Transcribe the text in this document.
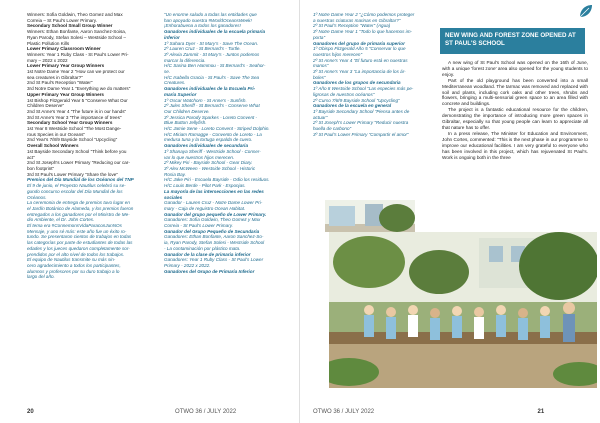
Winners: Sofia Goldwin, Theo Gomez and Max

Correia – St Paul's Lower Primary.

Secondary School Small Group Winner

Winners: Ethan Bonfante, Aaron Sanchez-Soisa,

Ryan Parody, Stefan Solesi – Westside School –

Plastic Pollution Kills

Lower Primary Classroom Winner

Winners: Year 1 Ruby Class - St Paul's Lower Pri-

mary – 2022 x 2022

Lower Primary Year Group Winners

1st Notre Dame Year 2 "How can we protect our

sea creatures in Gibraltar?"

2nd St Paul's Reception "Water"

3rd Notre Dame Year 1 "Everything we do matters"

Upper Primary Year Group Winners

1st Bishop Fitzgerald Year 5 "Conserve What Our

Children Deserve"

2nd St Anne's Year 4 "The future is in our hands"

3rd St Anne's Year 3 "The importance of trees"

Secondary School Year Group Winners

1st Year 8 Westside School "The Most Dange-

rous Species in our Oceans"

2nd Year's 7/8/9 Bayside School "Upcycling"

Overall School Winners

1st Bayside Secondary School "Think before you

act"

2nd St Joseph's Lower Primary "Reducing our car-

bon footprint"

3rd St Paul's Lower Primary "Share the love"

Premios del Día Mundial de los Océanos del TNP

El 9 de junio, el Proyecto Nautilus celebró su se-

gundo concurso escolar del Día Mundial de los Océanos.

La ceremonia de entrega de premios tuvo lugar en

el Jardín Botánico de Alameda, y los premios fueron

entregados a los ganadores por el Ministro de Me-

dio Ambiente, el Dr. John Cortes.

El tema era #ConnemonsVidaParaconJunNOs

Mensaje, y uno sé más: este año fue un éxito ro-

tundo. Se presentaron cientos de trabajos en todas

las categorías por parte de estudiantes de todas las

edades y los jueces quedaron completamente sor-

prendidos por el alto nivel de todos los trabajos.

El equipo de Nautilus transmite su más sin-

cero agradecimiento a todos los participantes,

alumnos y profesores por su duro trabajo a lo

largo del año.

"Un enorme saludo a todas las entidades que

han apoyado nuestra #WorldOceansWeek!

¡Enhorabuena a todos los ganadores!

Ganadores individuales de la escuela primaria

inferior

1º Sahara Dyer - St Mary's - Save The Ocean.

2º Lauren Cruz - St Bernard's - Turtle.

3º Alexia Zammit - St Mary's - Juntos podemos

marcar la diferencia.

H/C Sarina Ben Hammou - St Bernard's - Seahor-

se.

H/C Isabella Gracia - St Paul's - Save The Sea

Creatures.

Ganadores individuales de la Escuela Pri-

maria Superior

1º Oscar Watchorn - St Anne's - Sunfish.

2º Jules Sheriff - St Bernard's - Conserve What

Our Children Deserve.

3º Jessica Parody Sparkes - Loreto Convent -

Blue Button Jellyfish.

H/C Jamie Sene - Loreto Convent - Striped Dolphin.

H/C Miriam Ramagge - Convento de Loreto - La

medusa tuna y la tortuga espalda de cuero.

Ganadores individuales de secundaria

1º Shanaya Sheriff - Westside School - Conser-

var lo que nuestros hijos merecen.

2º Mikey Piri - Bayside School - Gear Diary.

3º Alex McWeen - Westside School - Historic

Rosia Bay.

H/C Jake Piri - Escuela Bayside - Odio los residuos.

H/C Louis Berde - Pilot Park - Esponjas.

La mayoría de las intersecciones en las redes

sociales

Ganador - Lauren Cruz - Notre Dame Lower Pri-

mary - Caja de reguistro Ocean Habitat.

Ganador del grupo pequeño de Lower Primary.

Ganadores: Sofia Goldwin, Theo Gomez y Max

Correia - St Paul's Lower Primary.

Ganador del Grupo Pequeño de Secundaria

Ganadores: Ethan Bonfante, Aaron Sanchez-So-

ia, Ryan Parody, Stefan Solesi - Westside School

- La contaminación por plástico mata.

Ganador de la clase de primaria inferior

Ganadores: Year 1 Ruby Class - St Paul's Lower

Primary - 2022 x 2022.

Ganadores del Grupo de Primaria Inferior

20	OTWO 36 / JULY 2022

1º Notre Dame Year 2 "¿Cómo podemos proteger

a nuestras criaturas marinas en Gibraltar?"

2º St Paul's Reception "Water" (Agua)

3º Notre Dame Year 1 "Todo lo que hacemos im-

porta"

Ganadores del grupo de primaria superior

1º Obispo Fitzgerald Año 5 "Conservar lo que

nuestros hijos merecen"

2º St Anne's Year 4 "El futuro está en nuestras

manos"

3º St Anne's Year 3 "La importancia de los ár-

boles"

Ganadores de los grupos de secundaria

1º Año 8 Westside School "Las especies más pe-

ligrosas de nuestros océanos"

2º Curso 7/8/9 Bayside School "Upcycling"

Ganadores de la escuela en general

1º Bayside Secondary School "Piensa antes de

actuar"

2º St Joseph's Lower Primary "Reducir nuestra

huella de carbono"

3º St Paul's Lower Primary "Compartir el amor"

NEW WING AND FOREST ZONE OPENED AT ST PAUL'S SCHOOL

A new wing of St Paul's School was opened on the 16th of June, with a unique 'forest zone' area also opened for the young students to enjoy.

Part of the old playground has been converted into a small Mediterranean woodland. The tarmac was removed and replaced with soil and plants, including cork oaks and other trees, shrubs and flowers, bringing a multi-sensorial green space to an area filled with concrete and buildings.

The project is a fantastic educational resource for the children, demonstrating the importance of introducing more green spaces in Gibraltar, especially so that young people can learn to appreciate all that nature has to offer.

In a press release, The Minister for Education and Environment, John Cortes, commented: "This is the next phase in our programme to improve our educational facilities. I am very grateful to everyone who has been involved in this project, which has rejuvenated St Paul's. Work is ongoing both in the three

OTWO 36 / JULY 2022	21
